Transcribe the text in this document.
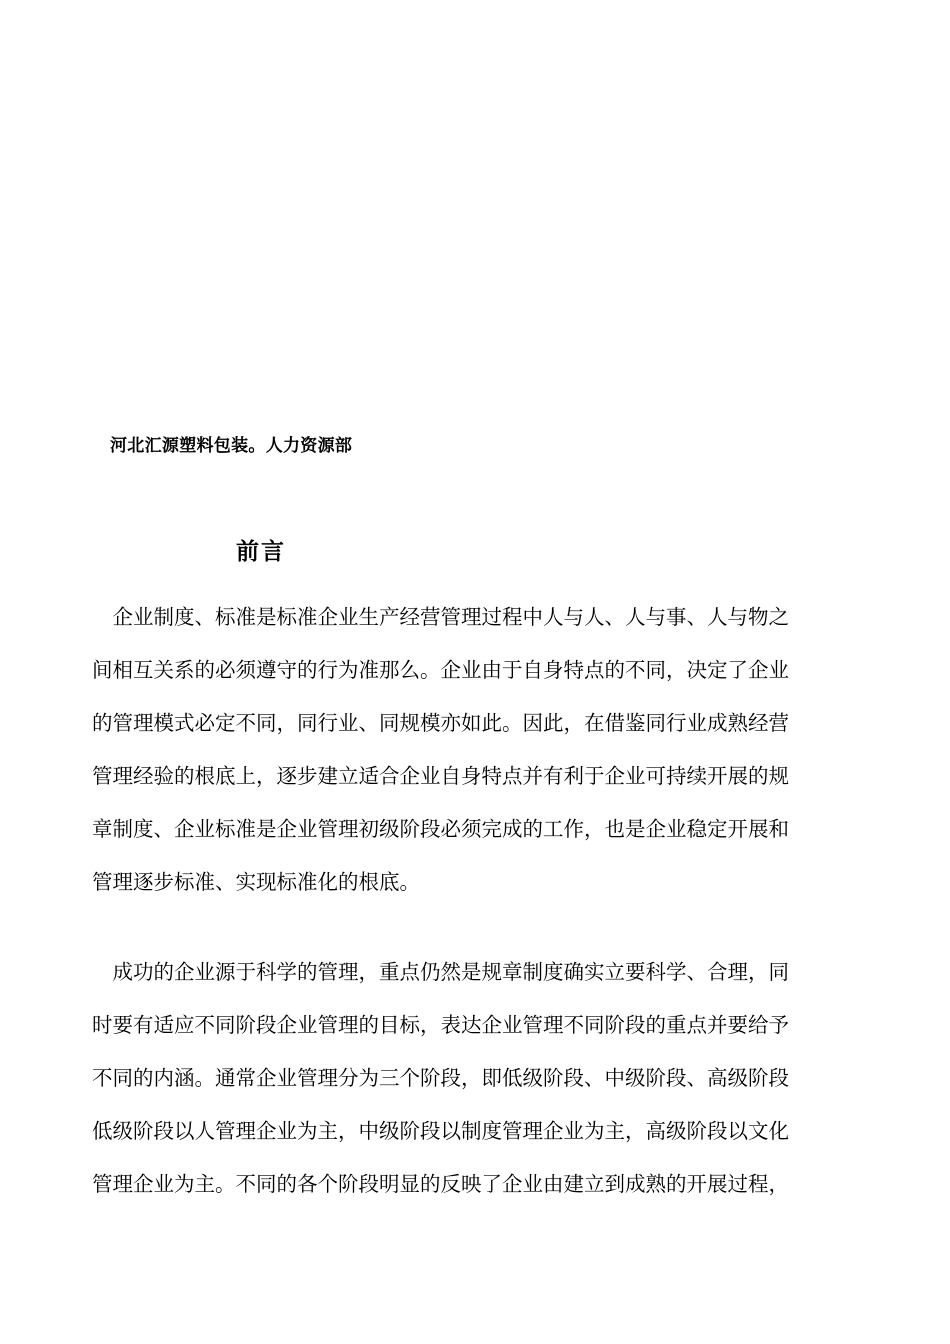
河北汇源塑料包装。人力资源部
前言
　企业制度、标准是标准企业生产经营管理过程中人与人、人与事、人与物之
间相互关系的必须遵守的行为准那么。企业由于自身特点的不同，决定了企业
的管理模式必定不同，同行业、同规模亦如此。因此，在借鉴同行业成熟经营
管理经验的根底上，逐步建立适合企业自身特点并有利于企业可持续开展的规
章制度、企业标准是企业管理初级阶段必须完成的工作，也是企业稳定开展和
管理逐步标准、实现标准化的根底。
　成功的企业源于科学的管理，重点仍然是规章制度确实立要科学、合理，同
时要有适应不同阶段企业管理的目标，表达企业管理不同阶段的重点并要给予
不同的内涵。通常企业管理分为三个阶段，即低级阶段、中级阶段、高级阶段
低级阶段以人管理企业为主，中级阶段以制度管理企业为主，高级阶段以文化
管理企业为主。不同的各个阶段明显的反映了企业由建立到成熟的开展过程，
